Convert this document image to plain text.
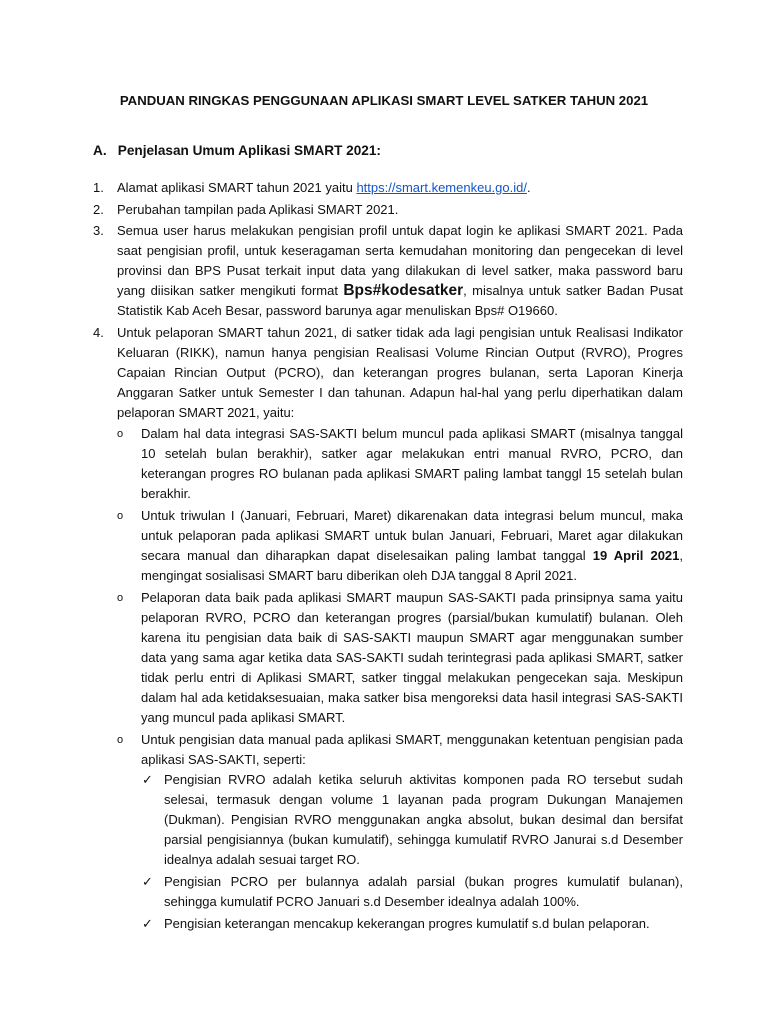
PANDUAN RINGKAS PENGGUNAAN APLIKASI SMART LEVEL SATKER TAHUN 2021
A. Penjelasan Umum Aplikasi SMART 2021:
1. Alamat aplikasi SMART tahun 2021 yaitu https://smart.kemenkeu.go.id/.
2. Perubahan tampilan pada Aplikasi SMART 2021.
3. Semua user harus melakukan pengisian profil untuk dapat login ke aplikasi SMART 2021. Pada saat pengisian profil, untuk keseragaman serta kemudahan monitoring dan pengecekan di level provinsi dan BPS Pusat terkait input data yang dilakukan di level satker, maka password baru yang diisikan satker mengikuti format Bps#kodesatker, misalnya untuk satker Badan Pusat Statistik Kab Aceh Besar, password barunya agar menuliskan Bps# O19660.
4. Untuk pelaporan SMART tahun 2021, di satker tidak ada lagi pengisian untuk Realisasi Indikator Keluaran (RIKK), namun hanya pengisian Realisasi Volume Rincian Output (RVRO), Progres Capaian Rincian Output (PCRO), dan keterangan progres bulanan, serta Laporan Kinerja Anggaran Satker untuk Semester I dan tahunan. Adapun hal-hal yang perlu diperhatikan dalam pelaporan SMART 2021, yaitu:
o Dalam hal data integrasi SAS-SAKTI belum muncul pada aplikasi SMART (misalnya tanggal 10 setelah bulan berakhir), satker agar melakukan entri manual RVRO, PCRO, dan keterangan progres RO bulanan pada aplikasi SMART paling lambat tanggl 15 setelah bulan berakhir.
o Untuk triwulan I (Januari, Februari, Maret) dikarenakan data integrasi belum muncul, maka untuk pelaporan pada aplikasi SMART untuk bulan Januari, Februari, Maret agar dilakukan secara manual dan diharapkan dapat diselesaikan paling lambat tanggal 19 April 2021, mengingat sosialisasi SMART baru diberikan oleh DJA tanggal 8 April 2021.
o Pelaporan data baik pada aplikasi SMART maupun SAS-SAKTI pada prinsipnya sama yaitu pelaporan RVRO, PCRO dan keterangan progres (parsial/bukan kumulatif) bulanan. Oleh karena itu pengisian data baik di SAS-SAKTI maupun SMART agar menggunakan sumber data yang sama agar ketika data SAS-SAKTI sudah terintegrasi pada aplikasi SMART, satker tidak perlu entri di Aplikasi SMART, satker tinggal melakukan pengecekan saja. Meskipun dalam hal ada ketidaksesuaian, maka satker bisa mengoreksi data hasil integrasi SAS-SAKTI yang muncul pada aplikasi SMART.
o Untuk pengisian data manual pada aplikasi SMART, menggunakan ketentuan pengisian pada aplikasi SAS-SAKTI, seperti:
✓ Pengisian RVRO adalah ketika seluruh aktivitas komponen pada RO tersebut sudah selesai, termasuk dengan volume 1 layanan pada program Dukungan Manajemen (Dukman). Pengisian RVRO menggunakan angka absolut, bukan desimal dan bersifat parsial pengisiannya (bukan kumulatif), sehingga kumulatif RVRO Janurai s.d Desember idealnya adalah sesuai target RO.
✓ Pengisian PCRO per bulannya adalah parsial (bukan progres kumulatif bulanan), sehingga kumulatif PCRO Januari s.d Desember idealnya adalah 100%.
✓ Pengisian keterangan mencakup kekerangan progres kumulatif s.d bulan pelaporan.
